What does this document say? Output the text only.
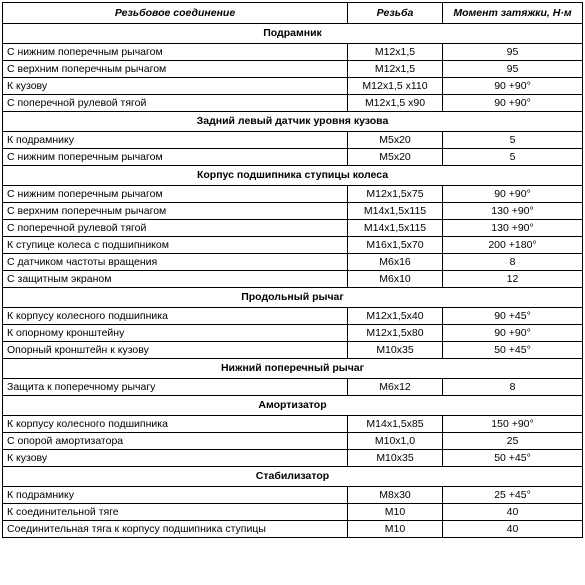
Резьбовое соединение	Резьба	Момент затяжки, Н·м
Подрамник		
С нижним поперечным рычагом	M12x1,5	95
С верхним поперечным рычагом	M12x1,5	95
К кузову	M12x1,5 x110	90 +90°
С поперечной рулевой тягой	M12x1,5 x90	90 +90°
Задний левый датчик уровня кузова		
К подрамнику	M5x20	5
С нижним поперечным рычагом	M5x20	5
Корпус подшипника ступицы колеса		
С нижним поперечным рычагом	M12x1,5x75	90 +90°
С верхним поперечным рычагом	M14x1,5x115	130 +90°
С поперечной рулевой тягой	M14x1,5x115	130 +90°
К ступице колеса с подшипником	M16x1,5x70	200 +180°
С датчиком частоты вращения	M6x16	8
С защитным экраном	M6x10	12
Продольный рычаг		
К корпусу колесного подшипника	M12x1,5x40	90 +45°
К опорному кронштейну	M12x1,5x80	90 +90°
Опорный кронштейн к кузову	M10x35	50 +45°
Нижний поперечный рычаг		
Защита к поперечному рычагу	M6x12	8
Амортизатор		
К корпусу колесного подшипника	M14x1,5x85	150 +90°
С опорой амортизатора	M10x1,0	25
К кузову	M10x35	50 +45°
Стабилизатор		
К подрамнику	M8x30	25 +45°
К соединительной тяге	M10	40
Соединительная тяга к корпусу подшипника ступицы	M10	40
